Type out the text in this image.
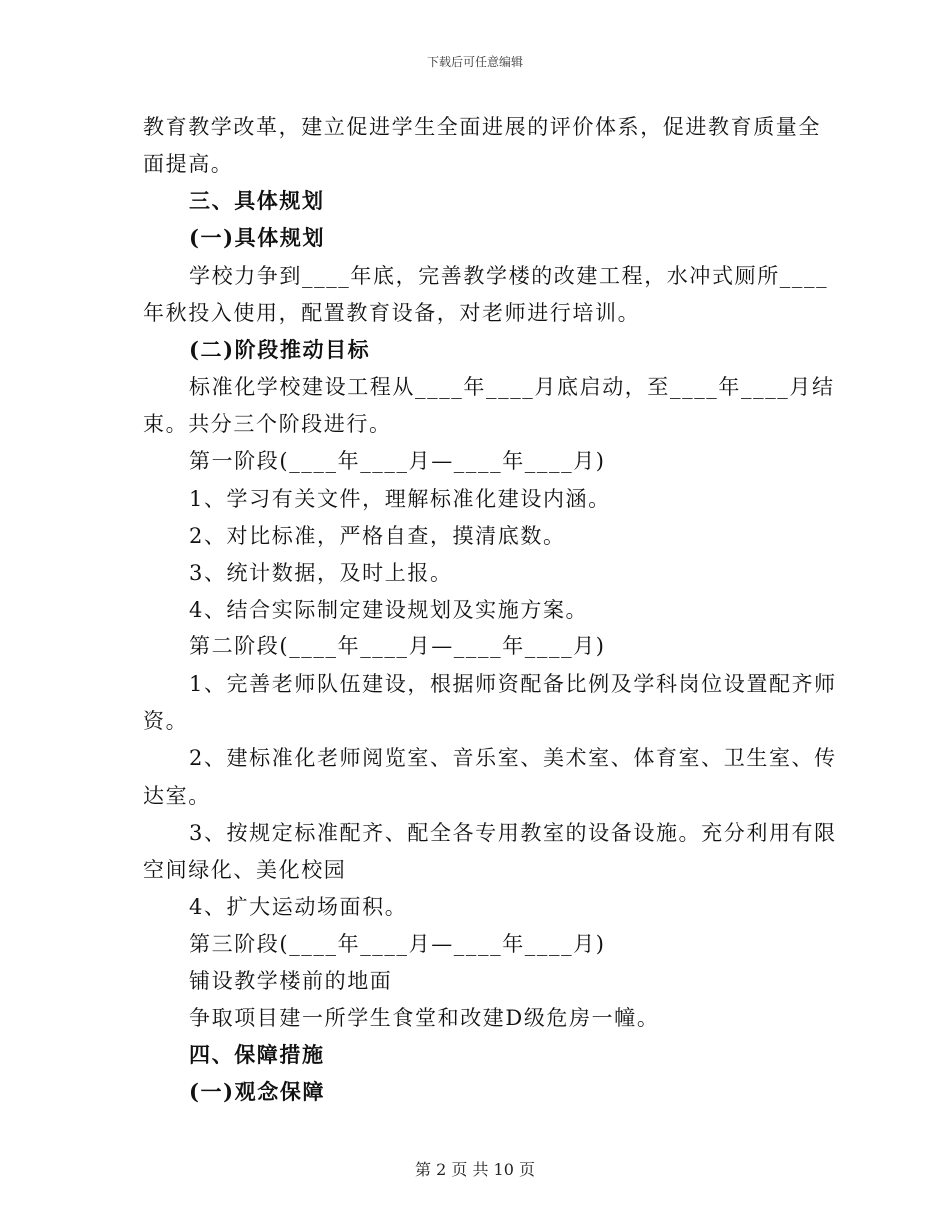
下载后可任意编辑
教育教学改革，建立促进学生全面进展的评价体系，促进教育质量全
面提高。
三、具体规划
(一)具体规划
学校力争到____年底，完善教学楼的改建工程，水冲式厕所____
年秋投入使用，配置教育设备，对老师进行培训。
(二)阶段推动目标
标准化学校建设工程从____年____月底启动，至____年____月结
束。共分三个阶段进行。
第一阶段(____年____月—____年____月)
1、学习有关文件，理解标准化建设内涵。
2、对比标准，严格自查，摸清底数。
3、统计数据，及时上报。
4、结合实际制定建设规划及实施方案。
第二阶段(____年____月—____年____月)
1、完善老师队伍建设，根据师资配备比例及学科岗位设置配齐师
资。
2、建标准化老师阅览室、音乐室、美术室、体育室、卫生室、传
达室。
3、按规定标准配齐、配全各专用教室的设备设施。充分利用有限
空间绿化、美化校园
4、扩大运动场面积。
第三阶段(____年____月—____年____月)
铺设教学楼前的地面
争取项目建一所学生食堂和改建D级危房一幢。
四、保障措施
(一)观念保障
第 2 页 共 10 页
